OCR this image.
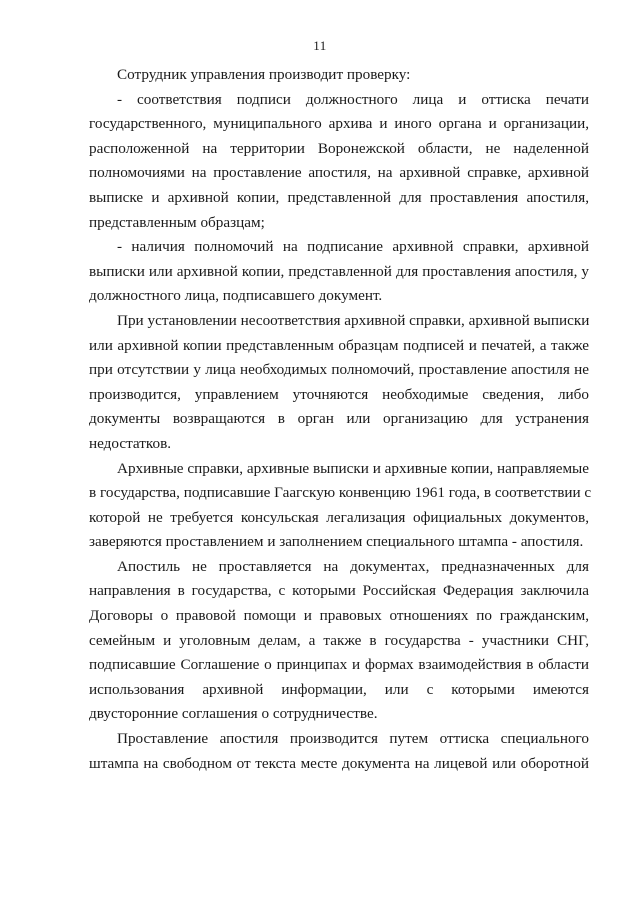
11

Сотрудник управления производит проверку:

- соответствия подписи должностного лица и оттиска печати
государственного, муниципального архива и иного органа и организации,
расположенной на территории Воронежской области, не наделенной
полномочиями на проставление апостиля, на архивной справке, архивной
выписке и архивной копии, представленной для проставления апостиля,
представленным образцам;

- наличия полномочий на подписание архивной справки, архивной
выписки или архивной копии, представленной для проставления апостиля, у
должностного лица, подписавшего документ.

При установлении несоответствия архивной справки, архивной выписки
или архивной копии представленным образцам подписей и печатей, а также
при отсутствии у лица необходимых полномочий, проставление апостиля не
производится, управлением уточняются необходимые сведения, либо
документы возвращаются в орган или организацию для устранения
недостатков.

Архивные справки, архивные выписки и архивные копии, направляемые
в государства, подписавшие Гаагскую конвенцию 1961 года, в соответствии с
которой не требуется консульская легализация официальных документов,
заверяются проставлением и заполнением специального штампа - апостиля.

Апостиль не проставляется на документах, предназначенных для
направления в государства, с которыми Российская Федерация заключила
Договоры о правовой помощи и правовых отношениях по гражданским,
семейным и уголовным делам, а также в государства - участники СНГ,
подписавшие Соглашение о принципах и формах взаимодействия в области
использования архивной информации, или с которыми имеются
двусторонние соглашения о сотрудничестве.

Проставление апостиля производится путем оттиска специального
штампа на свободном от текста месте документа на лицевой или оборотной
